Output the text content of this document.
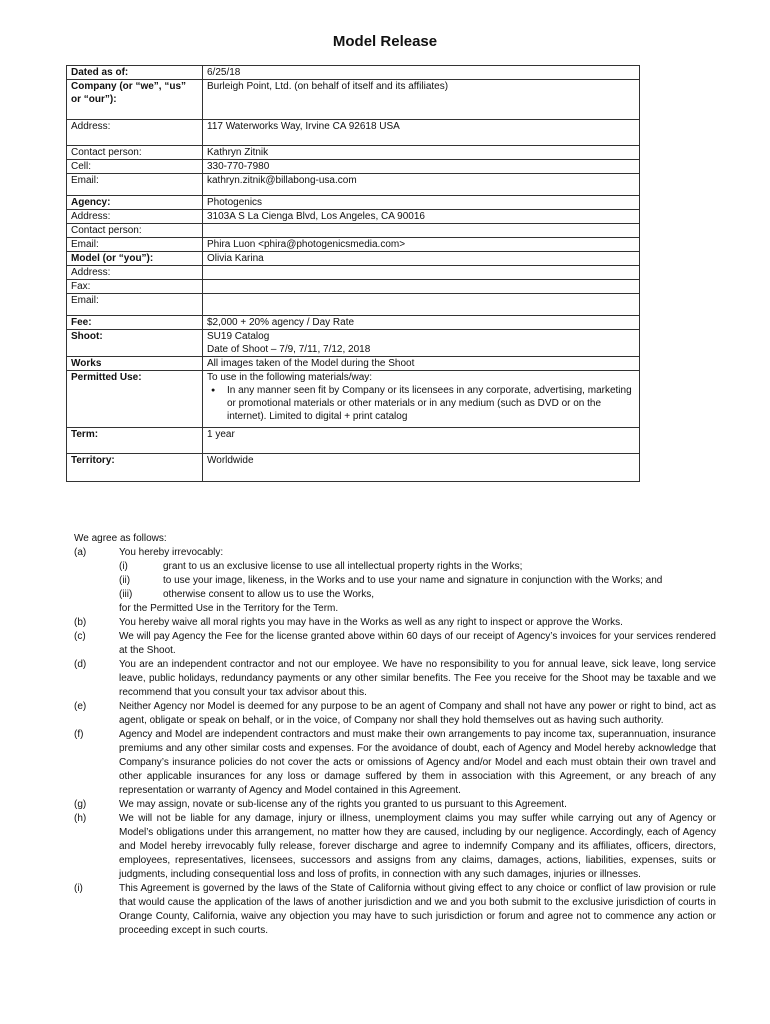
Model Release
Dated as of:	6/25/18

Company (or “we”, “us” or “our”):	Burleigh Point, Ltd. (on behalf of itself and its affiliates)

Address:	117 Waterworks Way, Irvine CA 92618 USA

Contact person:	Kathryn Zitnik

Cell:	330-770-7980

Email:	kathryn.zitnik@billabong-usa.com

Agency:	Photogenics

Address:	3103A S La Cienga Blvd, Los Angeles, CA 90016

Contact person:	

Email:	Phira Luon <phira@photogenicsmedia.com>

Model (or “you”):	Olivia Karina

Address:	

Fax:	

Email:	

Fee:	$2,000 + 20% agency / Day Rate

Shoot:	SU19 Catalog
Date of Shoot – 7/9, 7/11, 7/12, 2018

Works	All images taken of the Model during the Shoot

Permitted Use:	To use in the following materials/way:
● In any manner seen fit by Company or its licensees in any corporate, advertising, marketing or promotional materials or other materials or in any medium (such as DVD or on the internet). Limited to digital + print catalog

Term:	1 year

Territory:	Worldwide
We agree as follows:
(a)	You hereby irrevocably:
(i)	grant to us an exclusive license to use all intellectual property rights in the Works;
(ii)	to use your image, likeness, in the Works and to use your name and signature in conjunction with the Works; and
(iii)	otherwise consent to allow us to use the Works,
for the Permitted Use in the Territory for the Term.
(b)	You hereby waive all moral rights you may have in the Works as well as any right to inspect or approve the Works.
(c)	We will pay Agency the Fee for the license granted above within 60 days of our receipt of Agency’s invoices for your services rendered at the Shoot.
(d)	You are an independent contractor and not our employee. We have no responsibility to you for annual leave, sick leave, long service leave, public holidays, redundancy payments or any other similar benefits. The Fee you receive for the Shoot may be taxable and we recommend that you consult your tax advisor about this.
(e)	Neither Agency nor Model is deemed for any purpose to be an agent of Company and shall not have any power or right to bind, act as agent, obligate or speak on behalf, or in the voice, of Company nor shall they hold themselves out as having such authority.
(f)	Agency and Model are independent contractors and must make their own arrangements to pay income tax, superannuation, insurance premiums and any other similar costs and expenses. For the avoidance of doubt, each of Agency and Model hereby acknowledge that Company’s insurance policies do not cover the acts or omissions of Agency and/or Model and each must obtain their own travel and other applicable insurances for any loss or damage suffered by them in association with this Agreement, or any breach of any representation or warranty of Agency and Model contained in this Agreement.
(g)	We may assign, novate or sub-license any of the rights you granted to us pursuant to this Agreement.
(h)	We will not be liable for any damage, injury or illness, unemployment claims you may suffer while carrying out any of Agency or Model’s obligations under this arrangement, no matter how they are caused, including by our negligence. Accordingly, each of Agency and Model hereby irrevocably fully release, forever discharge and agree to indemnify Company and its affiliates, officers, directors, employees, representatives, licensees, successors and assigns from any claims, damages, actions, liabilities, expenses, suits or judgments, including consequential loss and loss of profits, in connection with any such damages, injuries or illnesses.
(i)	This Agreement is governed by the laws of the State of California without giving effect to any choice or conflict of law provision or rule that would cause the application of the laws of another jurisdiction and we and you both submit to the exclusive jurisdiction of courts in Orange County, California, waive any objection you may have to such jurisdiction or forum and agree not to commence any action or proceeding except in such courts.
